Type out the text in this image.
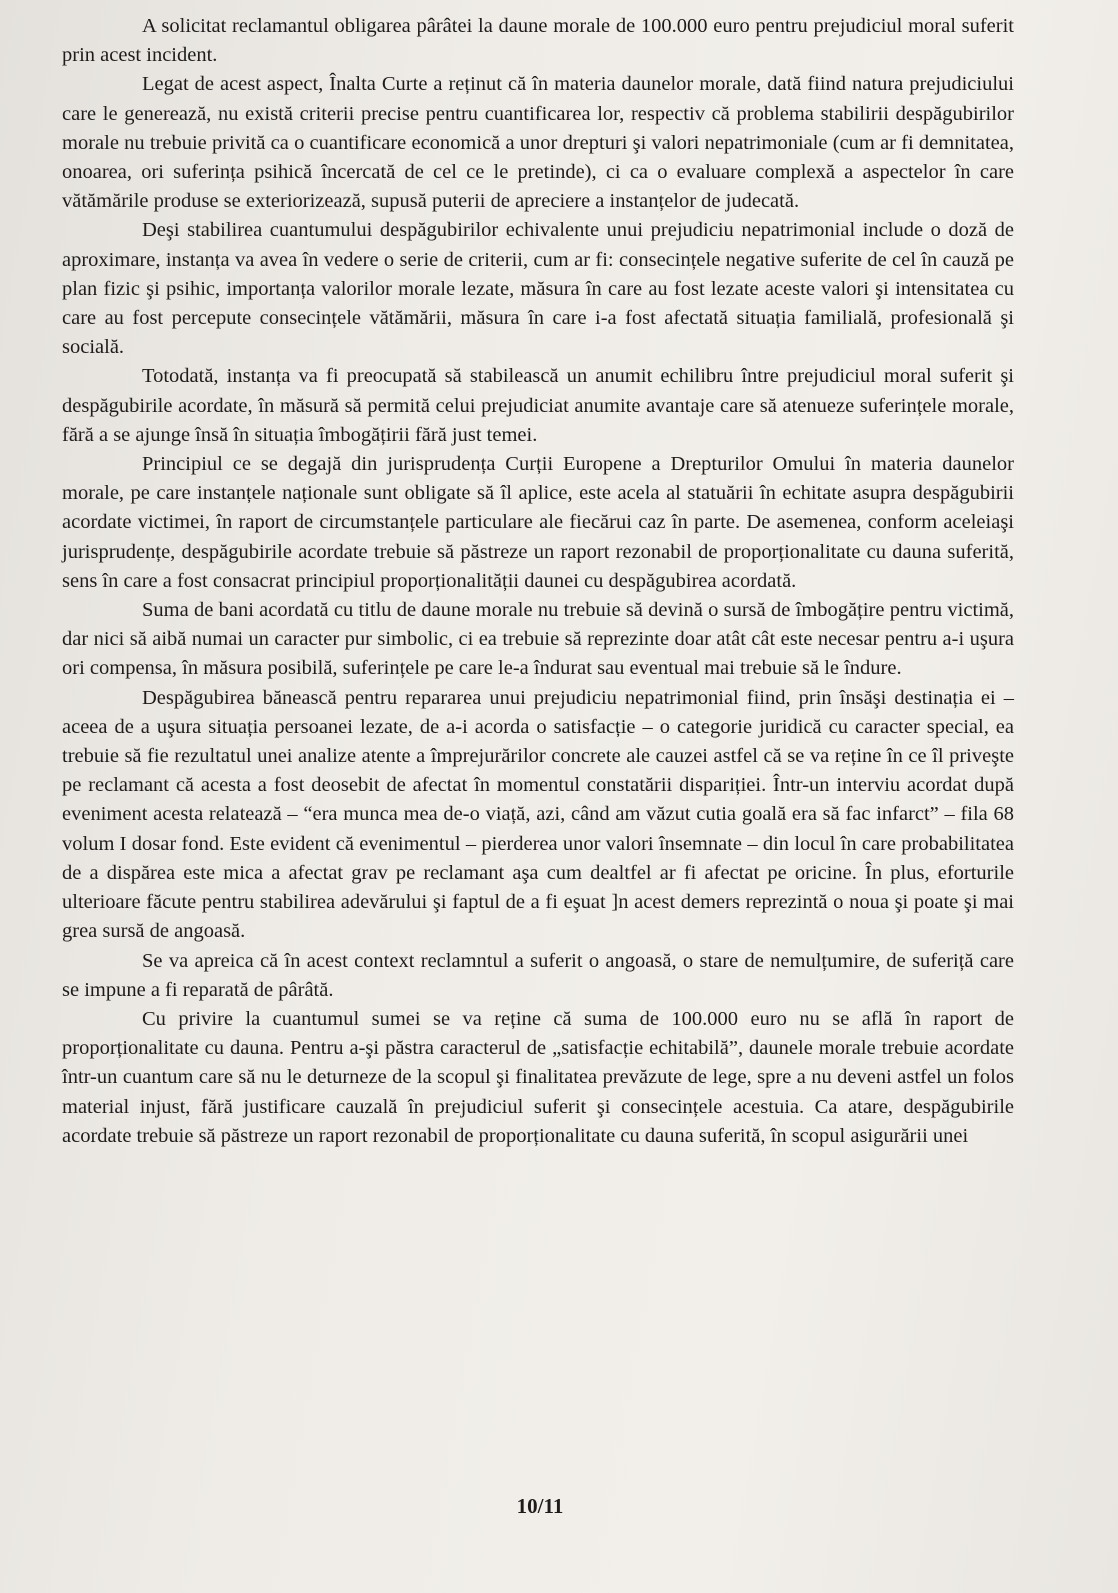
A solicitat reclamantul obligarea pârâtei la daune morale de 100.000 euro pentru prejudiciul moral suferit prin acest incident.

Legat de acest aspect, Înalta Curte a reținut că în materia daunelor morale, dată fiind natura prejudiciului care le generează, nu există criterii precise pentru cuantificarea lor, respectiv că problema stabilirii despăgubirilor morale nu trebuie privită ca o cuantificare economică a unor drepturi şi valori nepatrimoniale (cum ar fi demnitatea, onoarea, ori suferința psihică încercată de cel ce le pretinde), ci ca o evaluare complexă a aspectelor în care vătămările produse se exteriorizează, supusă puterii de apreciere a instanțelor de judecată.

Deşi stabilirea cuantumului despăgubirilor echivalente unui prejudiciu nepatrimonial include o doză de aproximare, instanța va avea în vedere o serie de criterii, cum ar fi: consecințele negative suferite de cel în cauză pe plan fizic şi psihic, importanța valorilor morale lezate, măsura în care au fost lezate aceste valori şi intensitatea cu care au fost percepute consecințele vătămării, măsura în care i-a fost afectată situația familială, profesională şi socială.

Totodată, instanța va fi preocupată să stabilească un anumit echilibru între prejudiciul moral suferit şi despăgubirile acordate, în măsură să permită celui prejudiciat anumite avantaje care să atenueze suferințele morale, fără a se ajunge însă în situația îmbogățirii fără just temei.

Principiul ce se degajă din jurisprudența Curții Europene a Drepturilor Omului în materia daunelor morale, pe care instanțele naționale sunt obligate să îl aplice, este acela al statuării în echitate asupra despăgubirii acordate victimei, în raport de circumstanțele particulare ale fiecărui caz în parte. De asemenea, conform aceleiaşi jurisprudențe, despăgubirile acordate trebuie să păstreze un raport rezonabil de proporționalitate cu dauna suferită, sens în care a fost consacrat principiul proporționalității daunei cu despăgubirea acordată.

Suma de bani acordată cu titlu de daune morale nu trebuie să devină o sursă de îmbogățire pentru victimă, dar nici să aibă numai un caracter pur simbolic, ci ea trebuie să reprezinte doar atât cât este necesar pentru a-i uşura ori compensa, în măsura posibilă, suferințele pe care le-a îndurat sau eventual mai trebuie să le îndure.

Despăgubirea bănească pentru repararea unui prejudiciu nepatrimonial fiind, prin însăşi destinația ei – aceea de a uşura situația persoanei lezate, de a-i acorda o satisfacție – o categorie juridică cu caracter special, ea trebuie să fie rezultatul unei analize atente a împrejurărilor concrete ale cauzei astfel că se va reține în ce îl priveşte pe reclamant că acesta a fost deosebit de afectat în momentul constatării dispariției. Într-un interviu acordat după eveniment acesta relatează – “era munca mea de-o viață, azi, când am văzut cutia goală era să fac infarct” – fila 68 volum I dosar fond. Este evident că evenimentul – pierderea unor valori însemnate – din locul în care probabilitatea de a dispărea este mica a afectat grav pe reclamant aşa cum dealtfel ar fi afectat pe oricine. În plus, eforturile ulterioare făcute pentru stabilirea adevărului şi faptul de a fi eşuat ]n acest demers reprezintă o noua şi poate şi mai grea sursă de angoasă.

Se va apreica că în acest context reclamntul a suferit o angoasă, o stare de nemulțumire, de suferiță care se impune a fi reparată de pârâtă.

Cu privire la cuantumul sumei se va reține că suma de 100.000 euro nu se află în raport de proporționalitate cu dauna. Pentru a-şi păstra caracterul de „satisfacție echitabilă”, daunele morale trebuie acordate într-un cuantum care să nu le deturneze de la scopul şi finalitatea prevăzute de lege, spre a nu deveni astfel un folos material injust, fără justificare cauzală în prejudiciul suferit şi consecințele acestuia. Ca atare, despăgubirile acordate trebuie să păstreze un raport rezonabil de proporționalitate cu dauna suferită, în scopul asigurării unei

10/11
